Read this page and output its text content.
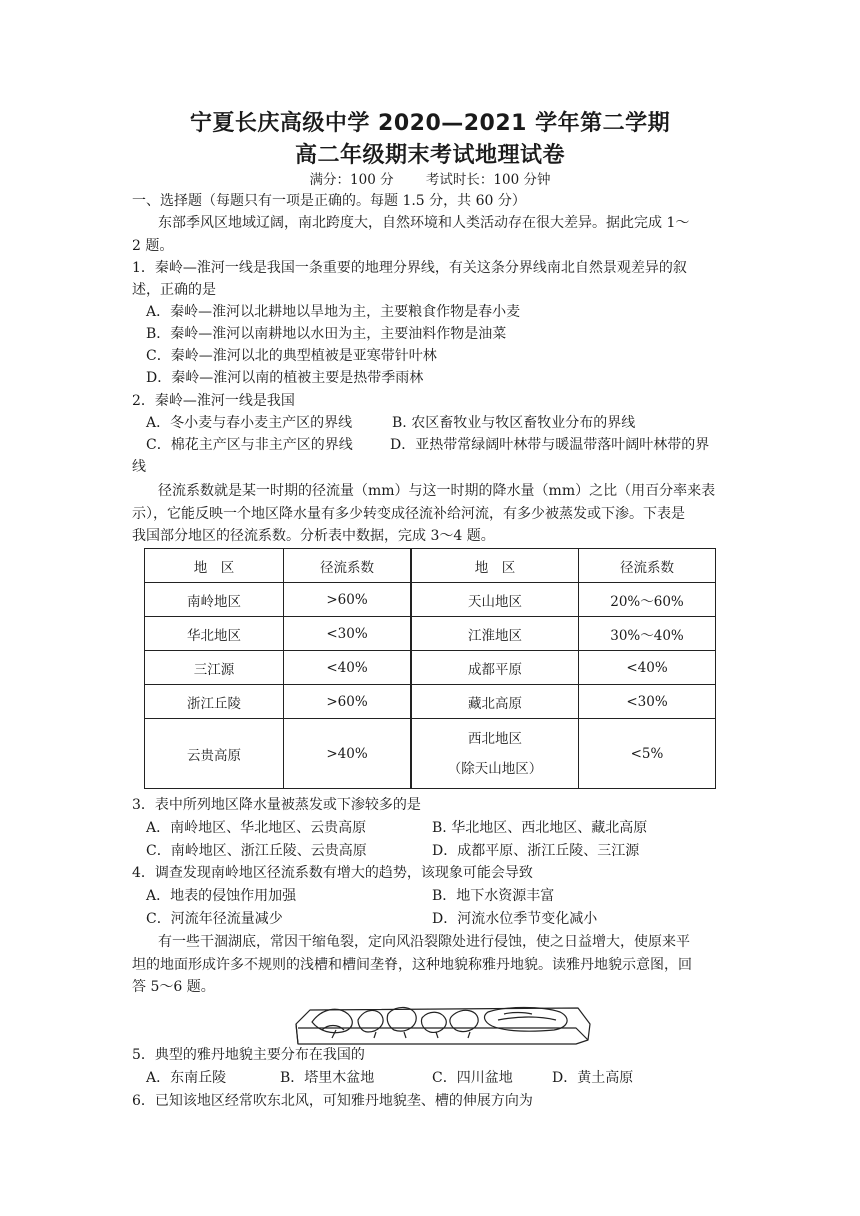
宁夏长庆高级中学 2020—2021 学年第二学期
高二年级期末考试地理试卷
满分：100 分 考试时长：100 分钟
一、选择题（每题只有一项是正确的。每题 1.5 分，共 60 分）
东部季风区地域辽阔，南北跨度大，自然环境和人类活动存在很大差异。据此完成 1～
2 题。
1．秦岭—淮河一线是我国一条重要的地理分界线，有关这条分界线南北自然景观差异的叙
述，正确的是
A．秦岭—淮河以北耕地以旱地为主，主要粮食作物是春小麦
B．秦岭—淮河以南耕地以水田为主，主要油料作物是油菜
C．秦岭—淮河以北的典型植被是亚寒带针叶林
D．秦岭—淮河以南的植被主要是热带季雨林
2．秦岭—淮河一线是我国
A．冬小麦与春小麦主产区的界线	B. 农区畜牧业与牧区畜牧业分布的界线
C．棉花主产区与非主产区的界线	D．亚热带常绿阔叶林带与暖温带落叶阔叶林带的界
线
径流系数就是某一时期的径流量（mm）与这一时期的降水量（mm）之比（用百分率来表
示），它能反映一个地区降水量有多少转变成径流补给河流，有多少被蒸发或下渗。下表是
我国部分地区的径流系数。分析表中数据，完成 3～4 题。
地　区	径流系数	地　区	径流系数
南岭地区	>60%	天山地区	20%～60%
华北地区	<30%	江淮地区	30%～40%
三江源	<40%	成都平原	<40%
浙江丘陵	>60%	藏北高原	<30%
云贵高原	>40%	西北地区
（除天山地区）	<5%
3．表中所列地区降水量被蒸发或下渗较多的是
A．南岭地区、华北地区、云贵高原	B. 华北地区、西北地区、藏北高原
C．南岭地区、浙江丘陵、云贵高原	D．成都平原、浙江丘陵、三江源
4．调查发现南岭地区径流系数有增大的趋势，该现象可能会导致
A．地表的侵蚀作用加强	B．地下水资源丰富
C．河流年径流量减少	D．河流水位季节变化减小
有一些干涸湖底，常因干缩龟裂，定向风沿裂隙处进行侵蚀，使之日益增大，使原来平
坦的地面形成许多不规则的浅槽和槽间垄脊，这种地貌称雅丹地貌。读雅丹地貌示意图，回
答 5～6 题。
5．典型的雅丹地貌主要分布在我国的
A．东南丘陵	B．塔里木盆地	C．四川盆地	D．黄土高原
6．已知该地区经常吹东北风，可知雅丹地貌垄、槽的伸展方向为
